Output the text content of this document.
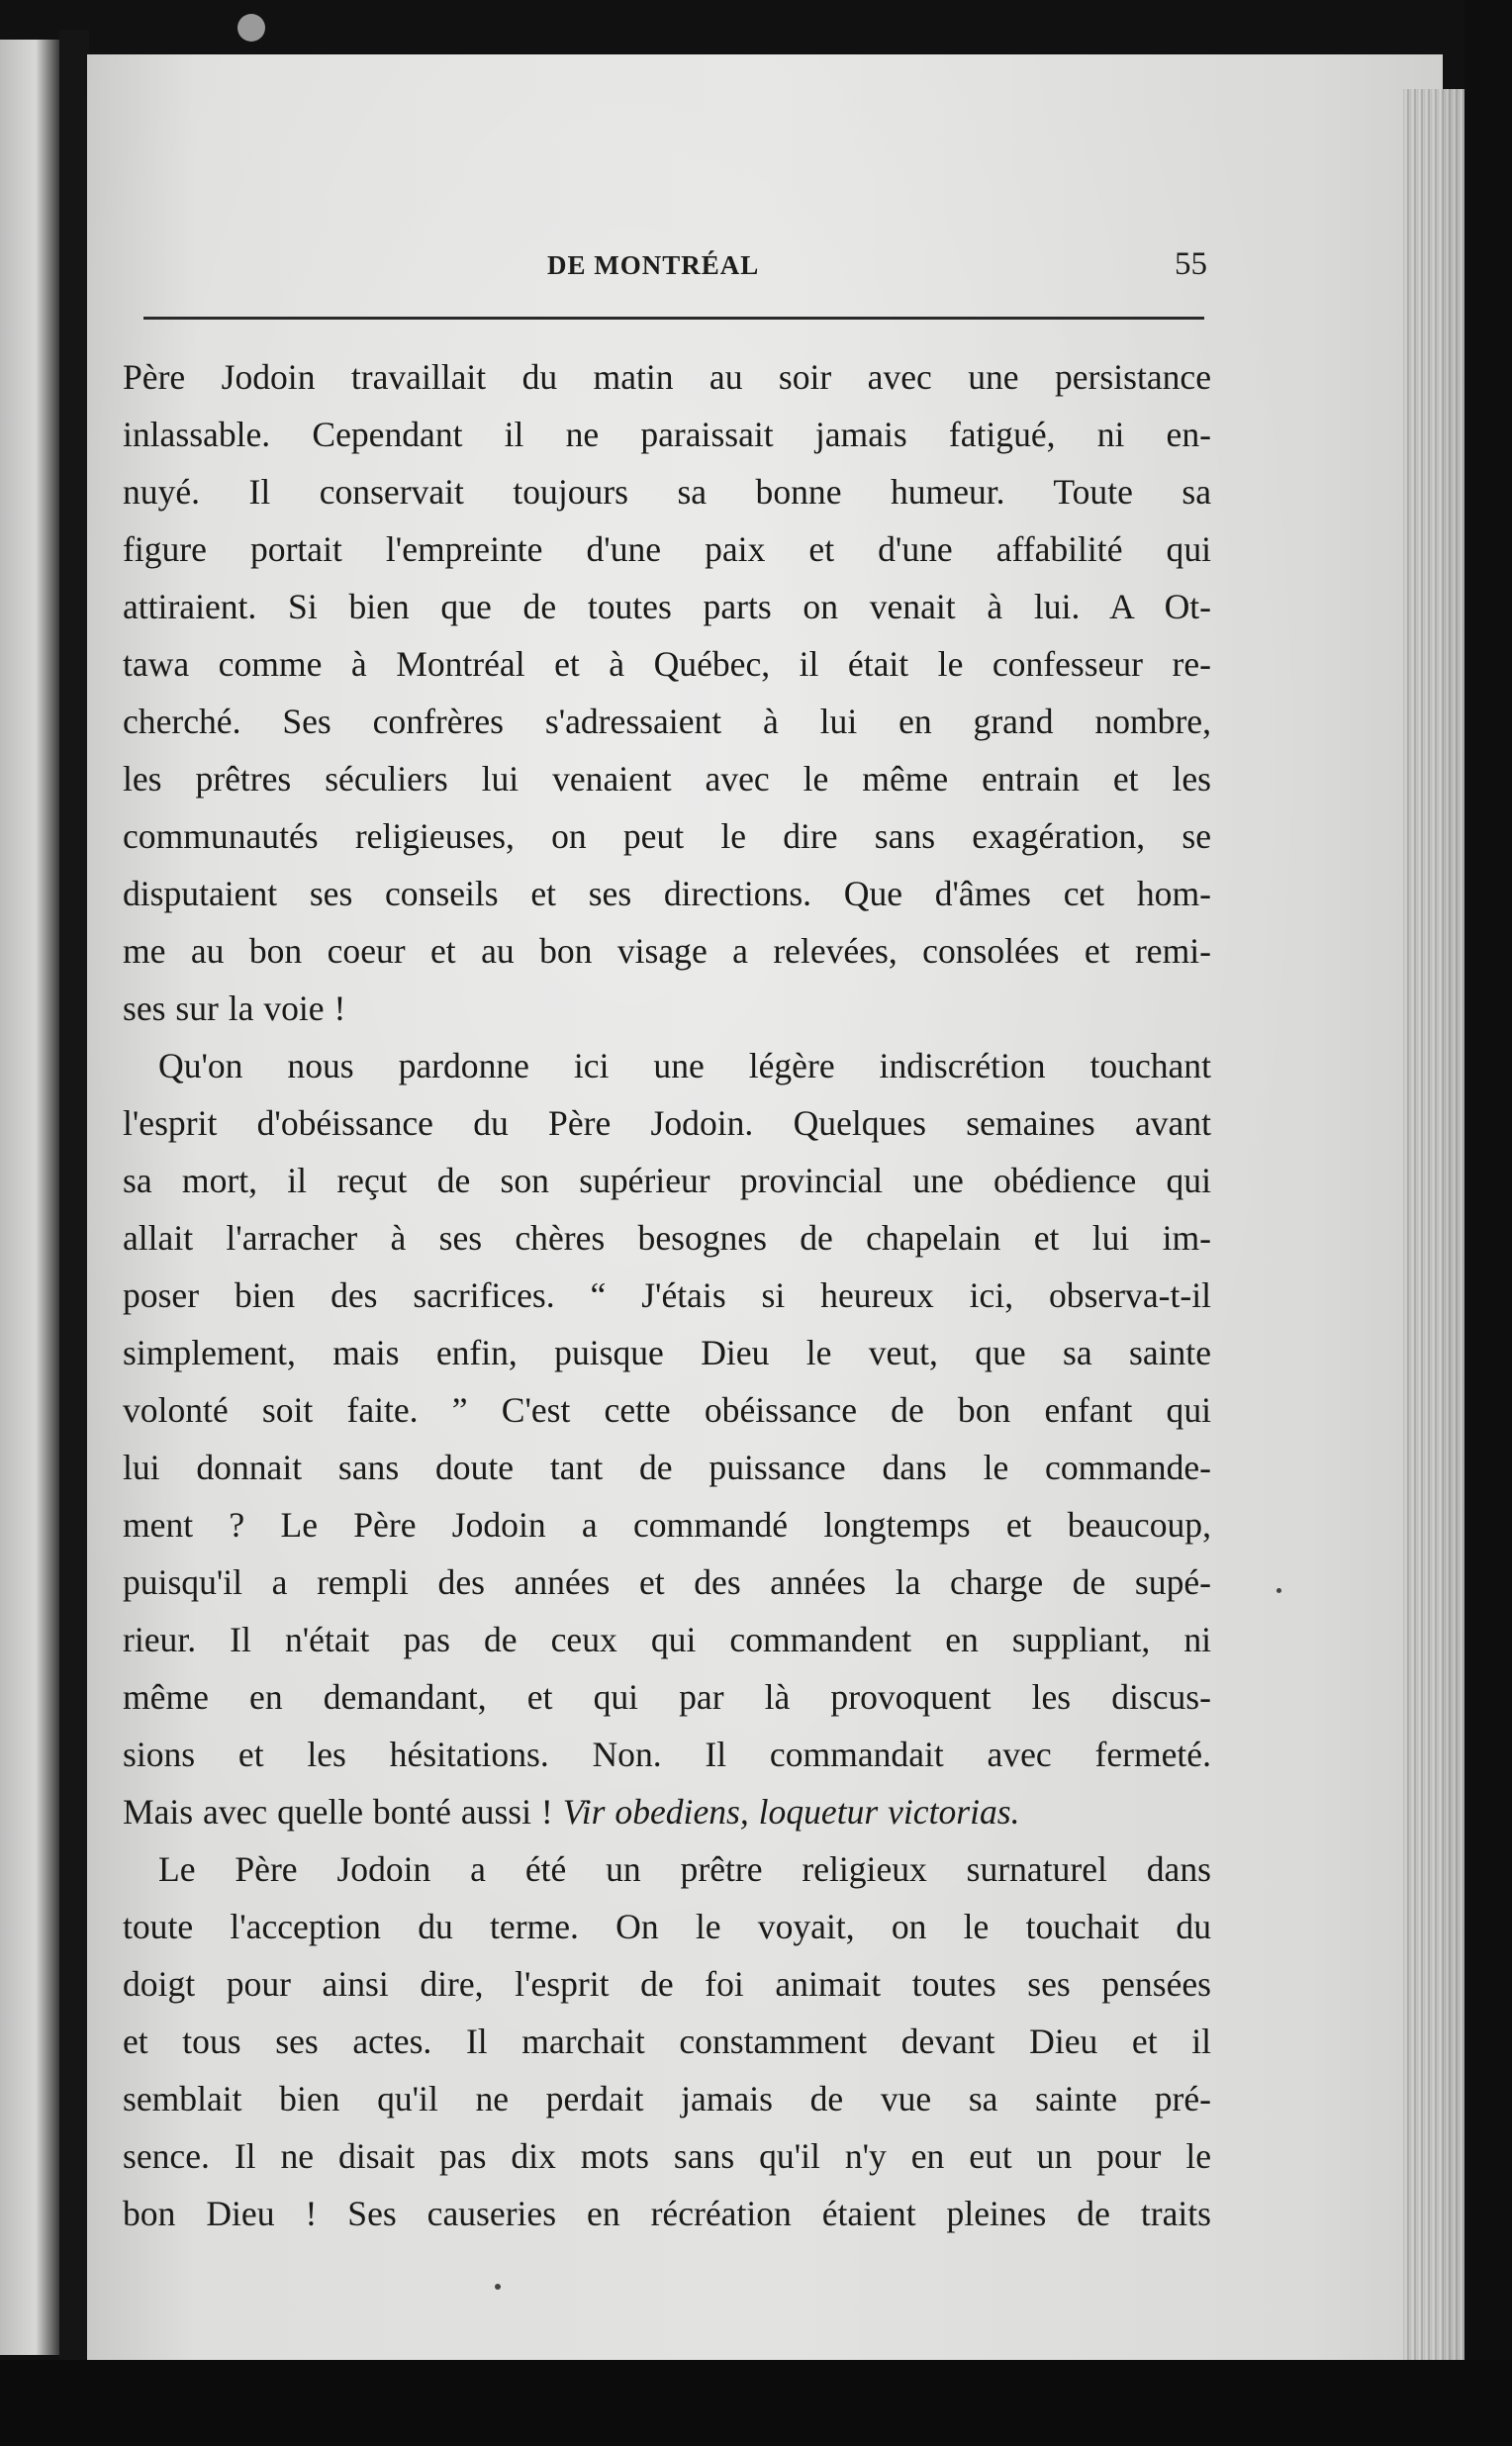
DE MONTRÉAL	55

Père Jodoin travaillait du matin au soir avec une persistance

inlassable. Cependant il ne paraissait jamais fatigué, ni en-

nuyé. Il conservait toujours sa bonne humeur. Toute sa

figure portait l'empreinte d'une paix et d'une affabilité qui

attiraient. Si bien que de toutes parts on venait à lui. A Ot-

tawa comme à Montréal et à Québec, il était le confesseur re-

cherché. Ses confrères s'adressaient à lui en grand nombre,

les prêtres séculiers lui venaient avec le même entrain et les

communautés religieuses, on peut le dire sans exagération, se

disputaient ses conseils et ses directions. Que d'âmes cet hom-

me au bon coeur et au bon visage a relevées, consolées et remi-

ses sur la voie !

Qu'on nous pardonne ici une légère indiscrétion touchant

l'esprit d'obéissance du Père Jodoin. Quelques semaines avant

sa mort, il reçut de son supérieur provincial une obédience qui

allait l'arracher à ses chères besognes de chapelain et lui im-

poser bien des sacrifices. “ J'étais si heureux ici, observa-t-il

simplement, mais enfin, puisque Dieu le veut, que sa sainte

volonté soit faite. ” C'est cette obéissance de bon enfant qui

lui donnait sans doute tant de puissance dans le commande-

ment ? Le Père Jodoin a commandé longtemps et beaucoup,

puisqu'il a rempli des années et des années la charge de supé-

rieur. Il n'était pas de ceux qui commandent en suppliant, ni

même en demandant, et qui par là provoquent les discus-

sions et les hésitations. Non. Il commandait avec fermeté.

Mais avec quelle bonté aussi ! Vir obediens, loquetur victorias.

Le Père Jodoin a été un prêtre religieux surnaturel dans

toute l'acception du terme. On le voyait, on le touchait du

doigt pour ainsi dire, l'esprit de foi animait toutes ses pensées

et tous ses actes. Il marchait constamment devant Dieu et il

semblait bien qu'il ne perdait jamais de vue sa sainte pré-

sence. Il ne disait pas dix mots sans qu'il n'y en eut un pour le

bon Dieu ! Ses causeries en récréation étaient pleines de traits
